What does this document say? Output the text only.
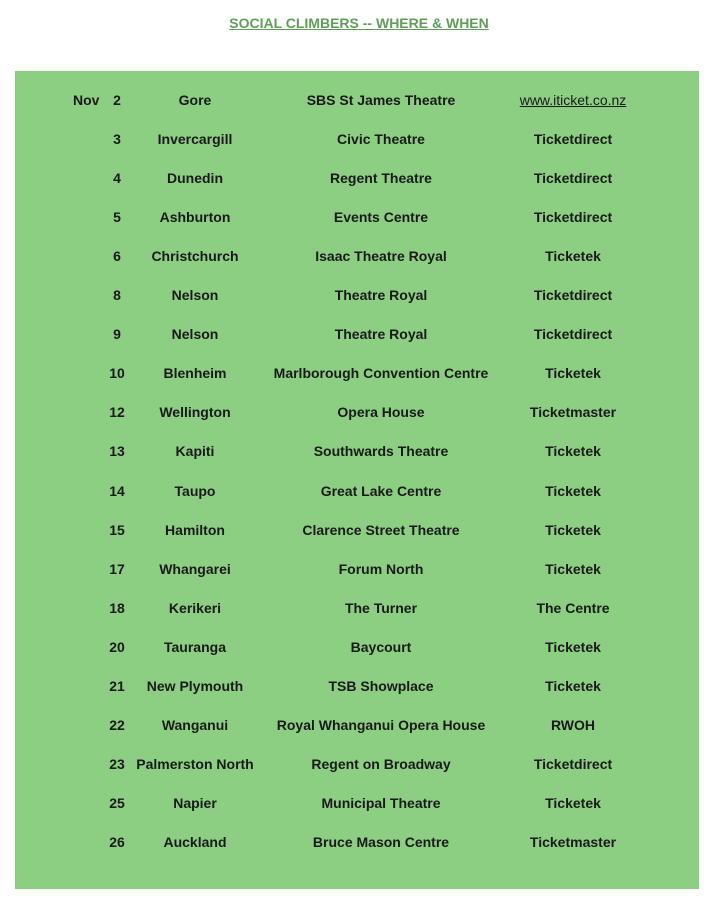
SOCIAL CLIMBERS -- WHERE & WHEN
Nov 2	Gore	SBS St James Theatre	www.iticket.co.nz
3	Invercargill	Civic Theatre	Ticketdirect
4	Dunedin	Regent Theatre	Ticketdirect
5	Ashburton	Events Centre	Ticketdirect
6	Christchurch	Isaac Theatre Royal	Ticketek
8	Nelson	Theatre Royal	Ticketdirect
9	Nelson	Theatre Royal	Ticketdirect
10	Blenheim	Marlborough Convention Centre	Ticketek
12	Wellington	Opera House	Ticketmaster
13	Kapiti	Southwards Theatre	Ticketek
14	Taupo	Great Lake Centre	Ticketek
15	Hamilton	Clarence Street Theatre	Ticketek
17	Whangarei	Forum North	Ticketek
18	Kerikeri	The Turner	The Centre
20	Tauranga	Baycourt	Ticketek
21	New Plymouth	TSB Showplace	Ticketek
22	Wanganui	Royal Whanganui Opera House	RWOH
23 Palmerston North	Regent on Broadway	Ticketdirect
25	Napier	Municipal Theatre	Ticketek
26	Auckland	Bruce Mason Centre	Ticketmaster
